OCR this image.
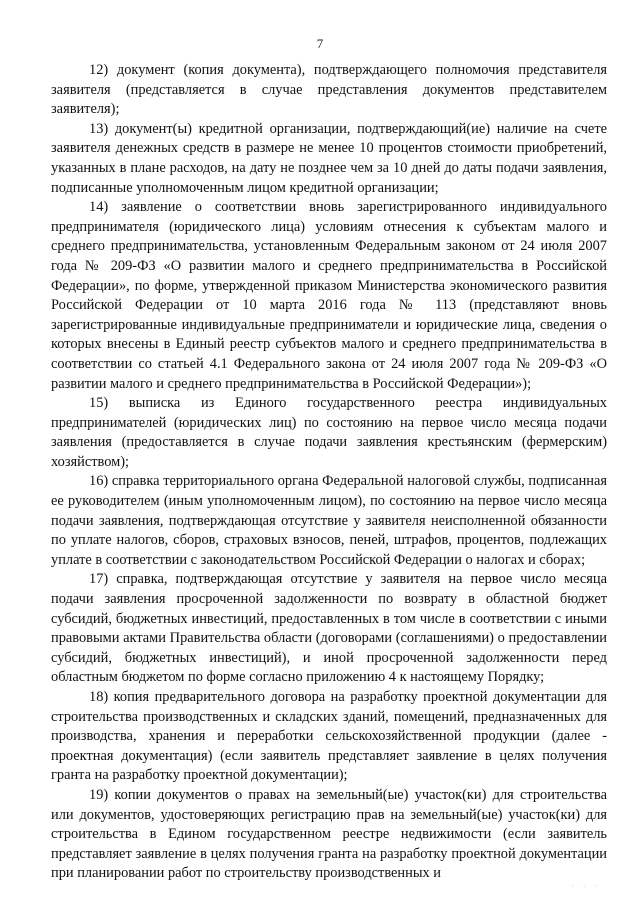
7

12) документ (копия документа), подтверждающего полномочия представителя заявителя (представляется в случае представления документов представителем заявителя);

13) документ(ы) кредитной организации, подтверждающий(ие) наличие на счете заявителя денежных средств в размере не менее 10 процентов стоимости приобретений, указанных в плане расходов, на дату не позднее чем за 10 дней до даты подачи заявления, подписанные уполномоченным лицом кредитной организации;

14) заявление о соответствии вновь зарегистрированного индивидуального предпринимателя (юридического лица) условиям отнесения к субъектам малого и среднего предпринимательства, установленным Федеральным законом от 24 июля 2007 года № 209-ФЗ «О развитии малого и среднего предпринимательства в Российской Федерации», по форме, утвержденной приказом Министерства экономического развития Российской Федерации от 10 марта 2016 года № 113 (представляют вновь зарегистрированные индивидуальные предприниматели и юридические лица, сведения о которых внесены в Единый реестр субъектов малого и среднего предпринимательства в соответствии со статьей 4.1 Федерального закона от 24 июля 2007 года № 209-ФЗ «О развитии малого и среднего предпринимательства в Российской Федерации»);

15) выписка из Единого государственного реестра индивидуальных предпринимателей (юридических лиц) по состоянию на первое число месяца подачи заявления (предоставляется в случае подачи заявления крестьянским (фермерским) хозяйством);

16) справка территориального органа Федеральной налоговой службы, подписанная ее руководителем (иным уполномоченным лицом), по состоянию на первое число месяца подачи заявления, подтверждающая отсутствие у заявителя неисполненной обязанности по уплате налогов, сборов, страховых взносов, пеней, штрафов, процентов, подлежащих уплате в соответствии с законодательством Российской Федерации о налогах и сборах;

17) справка, подтверждающая отсутствие у заявителя на первое число месяца подачи заявления просроченной задолженности по возврату в областной бюджет субсидий, бюджетных инвестиций, предоставленных в том числе в соответствии с иными правовыми актами Правительства области (договорами (соглашениями) о предоставлении субсидий, бюджетных инвестиций), и иной просроченной задолженности перед областным бюджетом по форме согласно приложению 4 к настоящему Порядку;

18) копия предварительного договора на разработку проектной документации для строительства производственных и складских зданий, помещений, предназначенных для производства, хранения и переработки сельскохозяйственной продукции (далее - проектная документация) (если заявитель представляет заявление в целях получения гранта на разработку проектной документации);

19) копии документов о правах на земельный(ые) участок(ки) для строительства или документов, удостоверяющих регистрацию прав на земельный(ые) участок(ки) для строительства в Едином государственном реестре недвижимости (если заявитель представляет заявление в целях получения гранта на разработку проектной документации при планировании работ по строительству производственных и

· · ·
